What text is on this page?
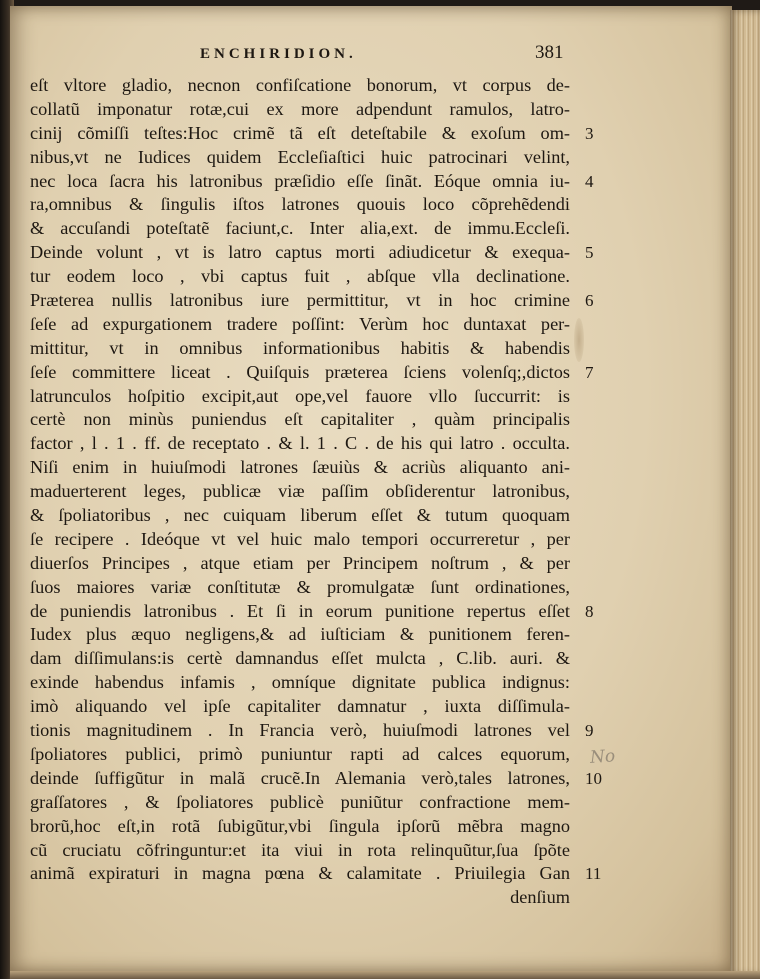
ENCHIRIDION.	381
eſt vltore gladio, necnon confiſcatione bonorum, vt corpus de-
collatũ imponatur rotæ,cui ex more adpendunt ramulos, latro-
cinij cõmiſſi teſtes:Hoc crimẽ tã eſt deteſtabile & exoſum om- 3
nibus,vt ne Iudices quidem Eccleſiaſtici huic patrocinari velint,
nec loca ſacra his latronibus præſidio eſſe ſinãt. Eóque omnia iu- 4
ra,omnibus & ſingulis iſtos latrones quouis loco cõprehẽdendi
& accuſandi poteſtatẽ faciunt,c. Inter alia,ext. de immu.Eccleſi.
Deinde volunt , vt is latro captus morti adiudicetur & exequa- 5
tur eodem loco , vbi captus fuit , abſque vlla declinatione.
Præterea nullis latronibus iure permittitur, vt in hoc crimine 6
ſeſe ad expurgationem tradere poſſint: Verùm hoc duntaxat per-
mittitur, vt in omnibus informationibus habitis & habendis
ſeſe committere liceat . Quiſquis præterea ſciens volenſq;,dictos 7
latrunculos hoſpitio excipit,aut ope,vel fauore vllo ſuccurrit: is
certè non minùs puniendus eſt capitaliter , quàm principalis
factor , l . 1 . ff. de receptato . & l. 1 . C . de his qui latro . occulta.
Niſi enim in huiuſmodi latrones ſæuiùs & acriùs aliquanto ani-
maduerterent leges, publicæ viæ paſſim obſiderentur latronibus,
& ſpoliatoribus , nec cuiquam liberum eſſet & tutum quoquam
ſe recipere . Ideóque vt vel huic malo tempori occurreretur , per
diuerſos Principes , atque etiam per Principem noſtrum , & per
ſuos maiores variæ conſtitutæ & promulgatæ ſunt ordinationes,
de puniendis latronibus . Et ſi in eorum punitione repertus eſſet 8
Iudex plus æquo negligens,& ad iuſticiam & punitionem feren-
dam diſſimulans:is certè damnandus eſſet mulcta , C.lib. auri. &
exinde habendus infamis , omníque dignitate publica indignus:
imò aliquando vel ipſe capitaliter damnatur , iuxta diſſimula-
tionis magnitudinem . In Francia verò, huiuſmodi latrones vel 9
ſpoliatores publici, primò puniuntur rapti ad calces equorum,
deinde ſuffigũtur in malã crucẽ.In Alemania verò,tales latrones, 10
graſſatores , & ſpoliatores publicè puniũtur confractione mem-
brorũ,hoc eſt,in rotã ſubigũtur,vbi ſingula ipſorũ mẽbra magno
cũ cruciatu cõfringuntur:et ita viui in rota relinquũtur,ſua ſpõte
animã expiraturi in magna pœna & calamitate . Priuilegia Gan 11
denſium
No
